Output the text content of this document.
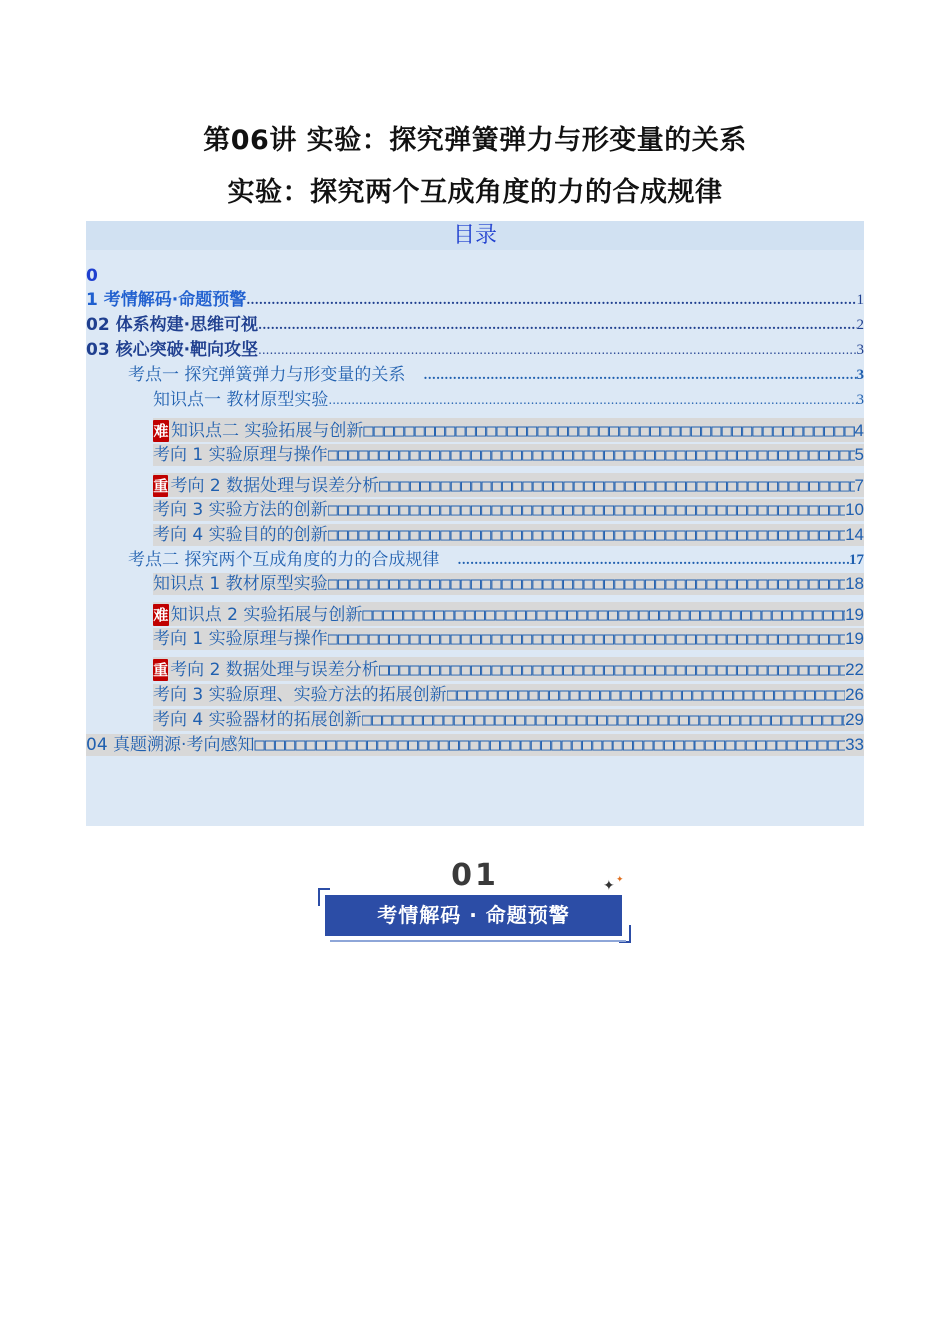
第06讲 实验：探究弹簧弹力与形变量的关系
实验：探究两个互成角度的力的合成规律
目录
0
1 考情解码·命题预警 .....	1
02 体系构建·思维可视 .....	2
03 核心突破·靶向攻坚 .....	3
考点一 探究弹簧弹力与形变量的关系 .....	3
知识点一 教材原型实验 .....	3
难 知识点二 实验拓展与创新 □□□□□□□□□□□□□□□□□□□□□□□□□□□□□□□□□□□□□□□□□□□□□□□□□□□□□□□□□□□□□□□□□□	4
考向 1 实验原理与操作 □□□□□□□□□□□□□□□□□□□□□□□□□□□□□□□□□□□□□□□□□□□□□□□□□□□□□□□□□□□□□□□□□□	5
重 考向 2 数据处理与误差分析 □□□□□□□□□□□□□□□□□□□□□□□□□□□□□□□□□□□□□□□□□□□□□□□□□□□□□□□□□□□□□□□□□□	7
考向 3 实验方法的创新 □□□□□□□□□□□□□□□□□□□□□□□□□□□□□□□□□□□□□□□□□□□□□□□□□□□□□□□□□□□□□□□□□□	10
考向 4 实验目的的创新 □□□□□□□□□□□□□□□□□□□□□□□□□□□□□□□□□□□□□□□□□□□□□□□□□□□□□□□□□□□□□□□□□□	14
考点二 探究两个互成角度的力的合成规律 .....	17
知识点 1 教材原型实验 □□□□□□□□□□□□□□□□□□□□□□□□□□□□□□□□□□□□□□□□□□□□□□□□□□□□□□□□□□□□□□□□□□	18
难 知识点 2 实验拓展与创新 □□□□□□□□□□□□□□□□□□□□□□□□□□□□□□□□□□□□□□□□□□□□□□□□□□□□□□□□□□□□□□□□□□	19
考向 1 实验原理与操作 □□□□□□□□□□□□□□□□□□□□□□□□□□□□□□□□□□□□□□□□□□□□□□□□□□□□□□□□□□□□□□□□□□	19
重 考向 2 数据处理与误差分析 □□□□□□□□□□□□□□□□□□□□□□□□□□□□□□□□□□□□□□□□□□□□□□□□□□□□□□□□□□□□□□□□□□	22
考向 3 实验原理、实验方法的拓展创新 □□□□□□□□□□□□□□□□□□□□□□□□□□□□□□□□□□□□□□□□□□□□□□□□□□□□□□□□□□□□□□□□□□	26
考向 4 实验器材的拓展创新 □□□□□□□□□□□□□□□□□□□□□□□□□□□□□□□□□□□□□□□□□□□□□□□□□□□□□□□□□□□□□□□□□□	29
04 真题溯源·考向感知 □□□□□□□□□□□□□□□□□□□□□□□□□□□□□□□□□□□□□□□□□□□□□□□□□□□□□□□□□□□□□□□□□□	33
01	✦ ✦
考情解码 · 命题预警
